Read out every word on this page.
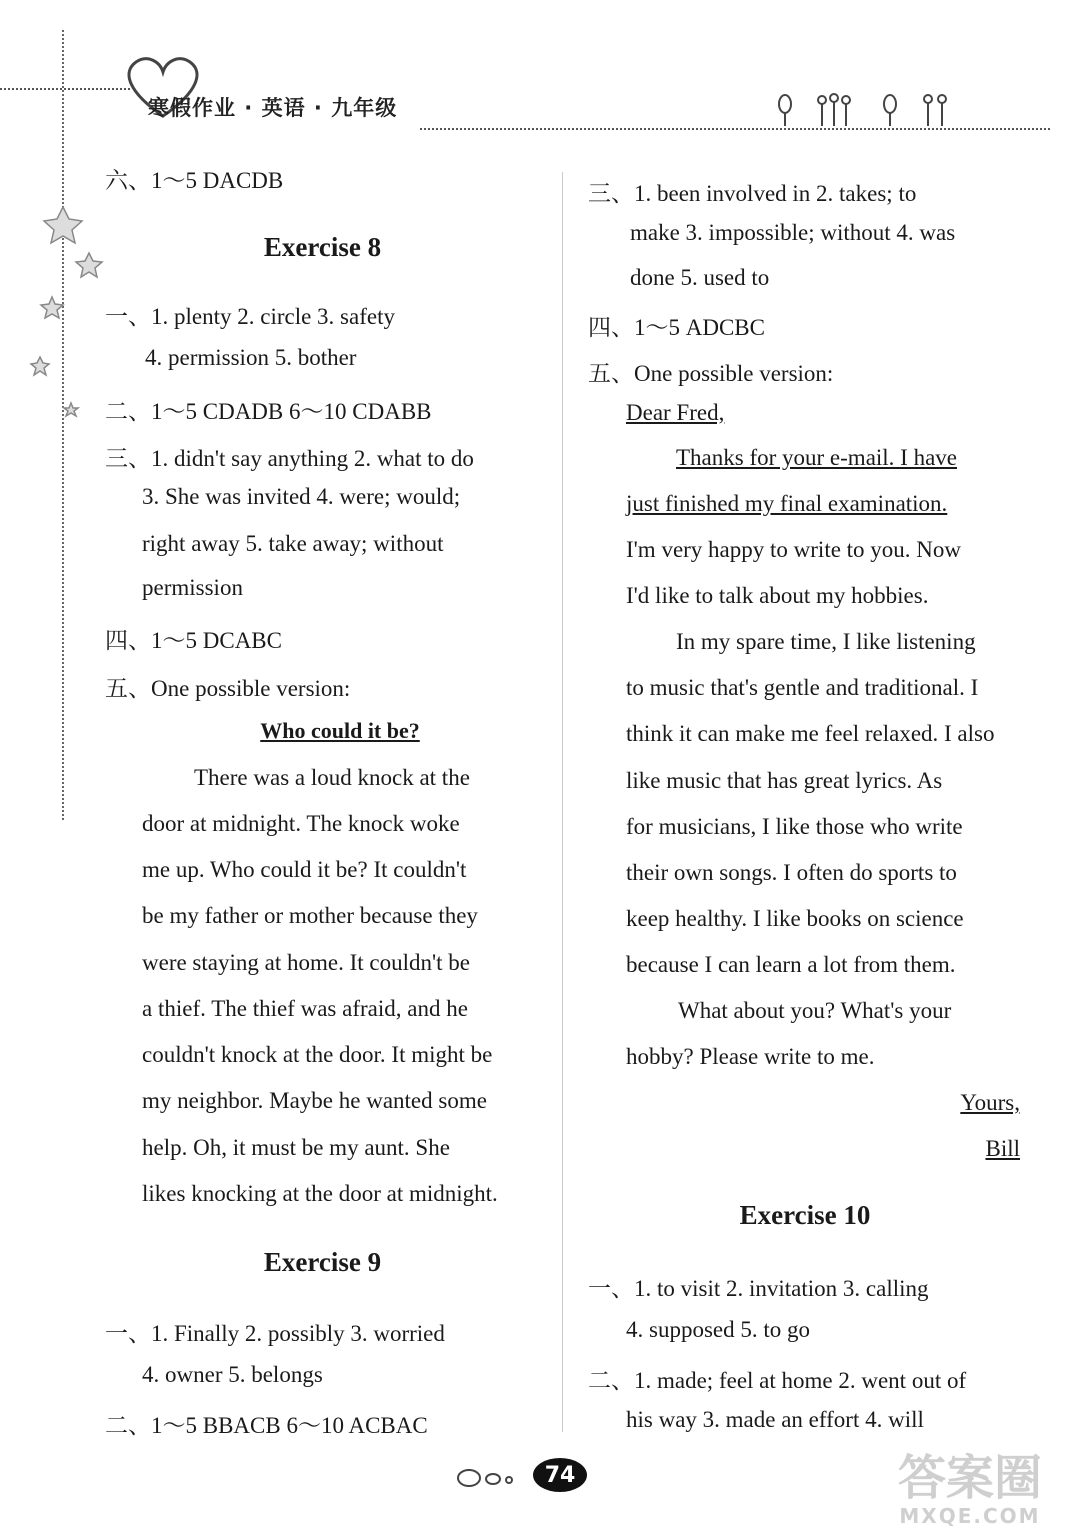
寒假作业 · 英语 · 九年级
六、1～5 DACDB
Exercise 8
一、1. plenty 2. circle 3. safety
4. permission 5. bother
二、1～5 CDADB 6～10 CDABB
三、1. didn't say anything 2. what to do
3. She was invited 4. were; would;
right away 5. take away; without
permission
四、1～5 DCABC
五、One possible version:
Who could it be?
There was a loud knock at the
door at midnight. The knock woke
me up. Who could it be? It couldn't
be my father or mother because they
were staying at home. It couldn't be
a thief. The thief was afraid, and he
couldn't knock at the door. It might be
my neighbor. Maybe he wanted some
help. Oh, it must be my aunt. She
likes knocking at the door at midnight.
Exercise 9
一、1. Finally 2. possibly 3. worried
4. owner 5. belongs
二、1～5 BBACB 6～10 ACBAC
三、1. been involved in 2. takes; to
make 3. impossible; without 4. was
done 5. used to
四、1～5 ADCBC
五、One possible version:
Dear Fred,
Thanks for your e-mail. I have
just finished my final examination.
I'm very happy to write to you. Now
I'd like to talk about my hobbies.
In my spare time, I like listening
to music that's gentle and traditional. I
think it can make me feel relaxed. I also
like music that has great lyrics. As
for musicians, I like those who write
their own songs. I often do sports to
keep healthy. I like books on science
because I can learn a lot from them.
What about you? What's your
hobby? Please write to me.
Yours,
Bill
Exercise 10
一、1. to visit 2. invitation 3. calling
4. supposed 5. to go
二、1. made; feel at home 2. went out of
his way 3. made an effort 4. will
74	答案圈
MXQE.COM
